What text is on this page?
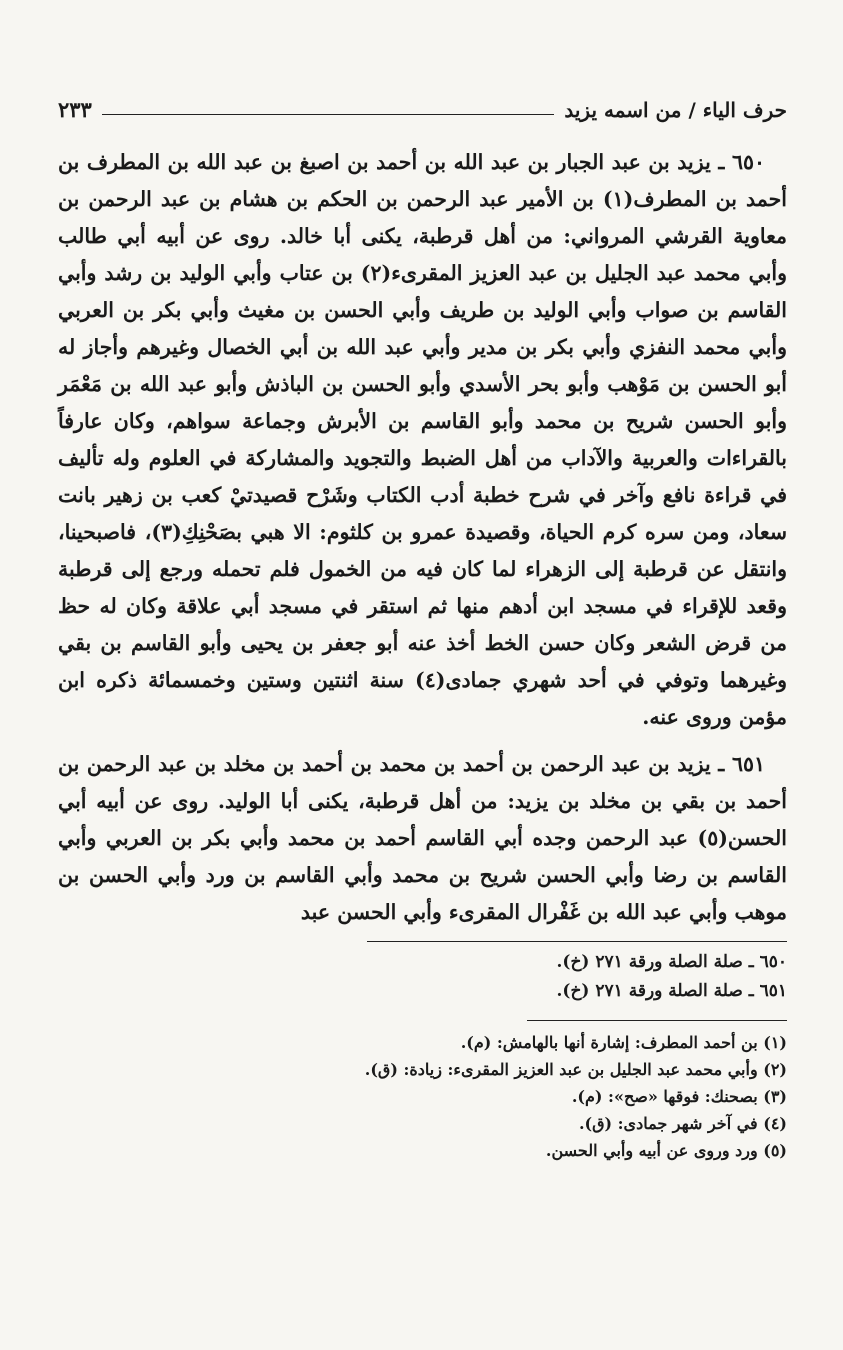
حرف الياء / من اسمه يزيد
٢٣٣

٦٥٠ ـ يزيد بن عبد الجبار بن عبد الله بن أحمد بن اصبغ بن عبد الله بن المطرف بن أحمد بن المطرف(١) بن الأمير عبد الرحمن بن الحكم بن هشام بن عبد الرحمن بن معاوية القرشي المرواني: من أهل قرطبة، يكنى أبا خالد. روى عن أبيه أبي طالب وأبي محمد عبد الجليل بن عبد العزيز المقرىء(٢) بن عتاب وأبي الوليد بن رشد وأبي القاسم بن صواب وأبي الوليد بن طريف وأبي الحسن بن مغيث وأبي بكر بن العربي وأبي محمد النفزي وأبي بكر بن مدير وأبي عبد الله بن أبي الخصال وغيرهم وأجاز له أبو الحسن بن مَوْهب وأبو بحر الأسدي وأبو الحسن بن الباذش وأبو عبد الله بن مَعْمَر وأبو الحسن شريح بن محمد وأبو القاسم بن الأبرش وجماعة سواهم، وكان عارفاً بالقراءات والعربية والآداب من أهل الضبط والتجويد والمشاركة في العلوم وله تأليف في قراءة نافع وآخر في شرح خطبة أدب الكتاب وشَرْح قصيدتيْ كعب بن زهير بانت سعاد، ومن سره كرم الحياة، وقصيدة عمرو بن كلثوم: الا هبي بصَحْنِكِ(٣)، فاصبحينا، وانتقل عن قرطبة إلى الزهراء لما كان فيه من الخمول فلم تحمله ورجع إلى قرطبة وقعد للإقراء في مسجد ابن أدهم منها ثم استقر في مسجد أبي علاقة وكان له حظ من قرض الشعر وكان حسن الخط أخذ عنه أبو جعفر بن يحيى وأبو القاسم بن بقي وغيرهما وتوفي في أحد شهري جمادى(٤) سنة اثنتين وستين وخمسمائة ذكره ابن مؤمن وروى عنه.

٦٥١ ـ يزيد بن عبد الرحمن بن أحمد بن محمد بن أحمد بن مخلد بن عبد الرحمن بن أحمد بن بقي بن مخلد بن يزيد: من أهل قرطبة، يكنى أبا الوليد. روى عن أبيه أبي الحسن(٥) عبد الرحمن وجده أبي القاسم أحمد بن محمد وأبي بكر بن العربي وأبي القاسم بن رضا وأبي الحسن شريح بن محمد وأبي القاسم بن ورد وأبي الحسن بن موهب وأبي عبد الله بن غَفْرال المقرىء وأبي الحسن عبد

٦٥٠ ـ صلة الصلة ورقة ٢٧١ (خ).
٦٥١ ـ صلة الصلة ورقة ٢٧١ (خ).
(١) بن أحمد المطرف: إشارة أنها بالهامش: (م).
(٢) وأبي محمد عبد الجليل بن عبد العزيز المقرىء: زيادة: (ق).
(٣) بصحنك: فوقها «صح»: (م).
(٤) في آخر شهر جمادى: (ق).
(٥) ورد وروى عن أبيه وأبي الحسن.
